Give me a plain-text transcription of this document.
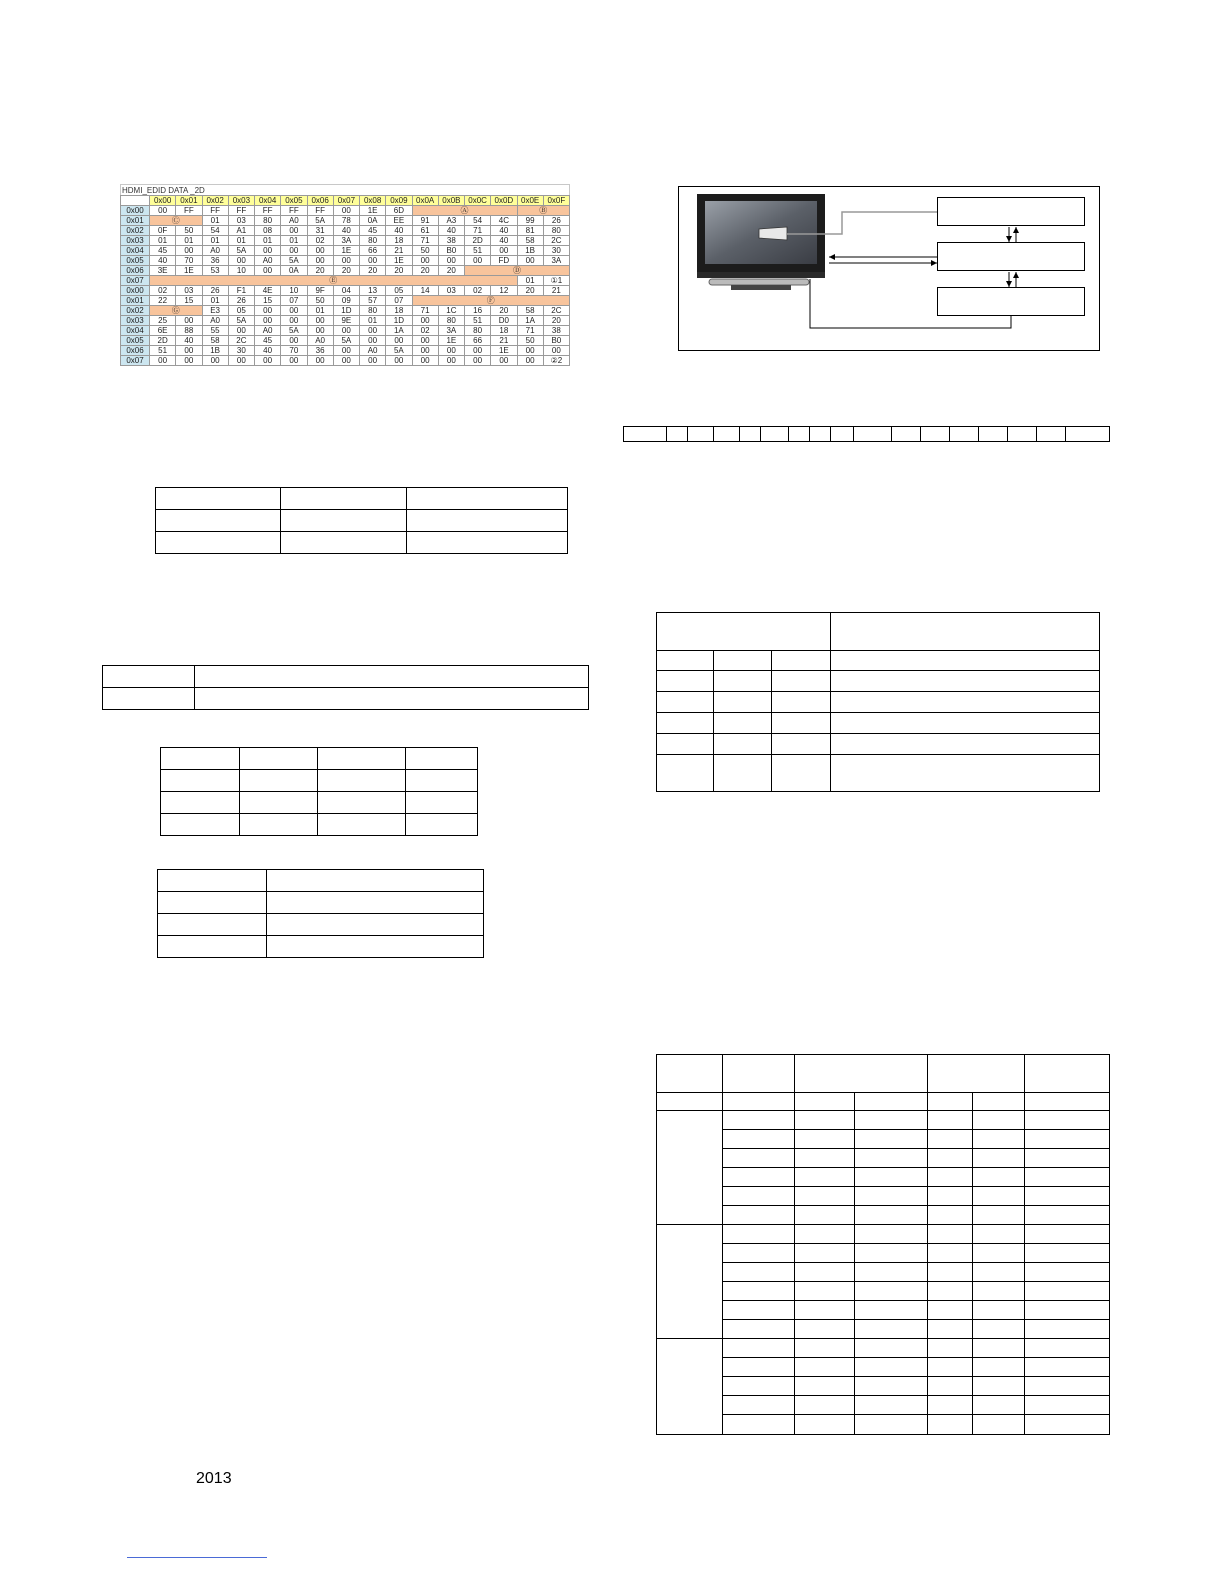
HDMI_EDID DATA _2D
	0x00	0x01	0x02	0x03	0x04	0x05	0x06	0x07	0x08	0x09	0x0A	0x0B	0x0C	0x0D	0x0E	0x0F
0x00	00	FF	FF	FF	FF	FF	FF	00	1E	6D	Ⓐ				Ⓑ	
0x01	Ⓒ		01	03	80	A0	5A	78	0A	EE	91	A3	54	4C	99	26
0x02	0F	50	54	A1	08	00	31	40	45	40	61	40	71	40	81	80
0x03	01	01	01	01	01	01	02	3A	80	18	71	38	2D	40	58	2C
0x04	45	00	A0	5A	00	00	00	1E	66	21	50	B0	51	00	1B	30
0x05	40	70	36	00	A0	5A	00	00	00	1E	00	00	00	FD	00	3A
0x06	3E	1E	53	10	00	0A	20	20	20	20	20	20	Ⓓ			
0x07	Ⓔ														01	①1
0x00	02	03	26	F1	4E	10	9F	04	13	05	14	03	02	12	20	21
0x01	22	15	01	26	15	07	50	09	57	07	Ⓕ					
0x02	Ⓖ		E3	05	00	00	01	1D	80	18	71	1C	16	20	58	2C
0x03	25	00	A0	5A	00	00	00	9E	01	1D	00	80	51	D0	1A	20
0x04	6E	88	55	00	A0	5A	00	00	00	1A	02	3A	80	18	71	38
0x05	2D	40	58	2C	45	00	A0	5A	00	00	00	1E	66	21	50	B0
0x06	51	00	1B	30	40	70	36	00	A0	5A	00	00	00	1E	00	00
0x07	00	00	00	00	00	00	00	00	00	00	00	00	00	00	00	②2

2013
